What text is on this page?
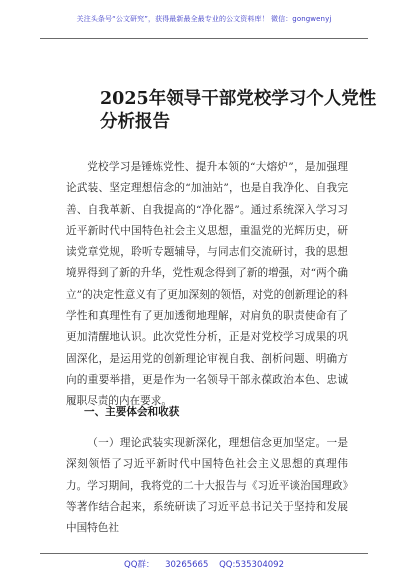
关注头条号“公文研究”，获得最新最全最专业的公文资料库！ 微信：gongwenyj
2025年领导干部党校学习个人党性分析报告

党校学习是锤炼党性、提升本领的“大熔炉”，是加强理论武装、坚定理想信念的“加油站”，也是自我净化、自我完善、自我革新、自我提高的“净化器”。通过系统深入学习习近平新时代中国特色社会主义思想，重温党的光辉历史，研读党章党规，聆听专题辅导，与同志们交流研讨，我的思想境界得到了新的升华，党性观念得到了新的增强，对“两个确立”的决定性意义有了更加深刻的领悟，对党的创新理论的科学性和真理性有了更加透彻地理解，对肩负的职责使命有了更加清醒地认识。此次党性分析，正是对党校学习成果的巩固深化，是运用党的创新理论审视自我、剖析问题、明确方向的重要举措，更是作为一名领导干部永葆政治本色、忠诚履职尽责的内在要求。

一、主要体会和收获

（一）理论武装实现新深化，理想信念更加坚定。一是深刻领悟了习近平新时代中国特色社会主义思想的真理伟力。学习期间，我将党的二十大报告与《习近平谈治国理政》等著作结合起来，系统研读了习近平总书记关于坚持和发展中国特色社

QQ群： 30265665 QQ:535304092
